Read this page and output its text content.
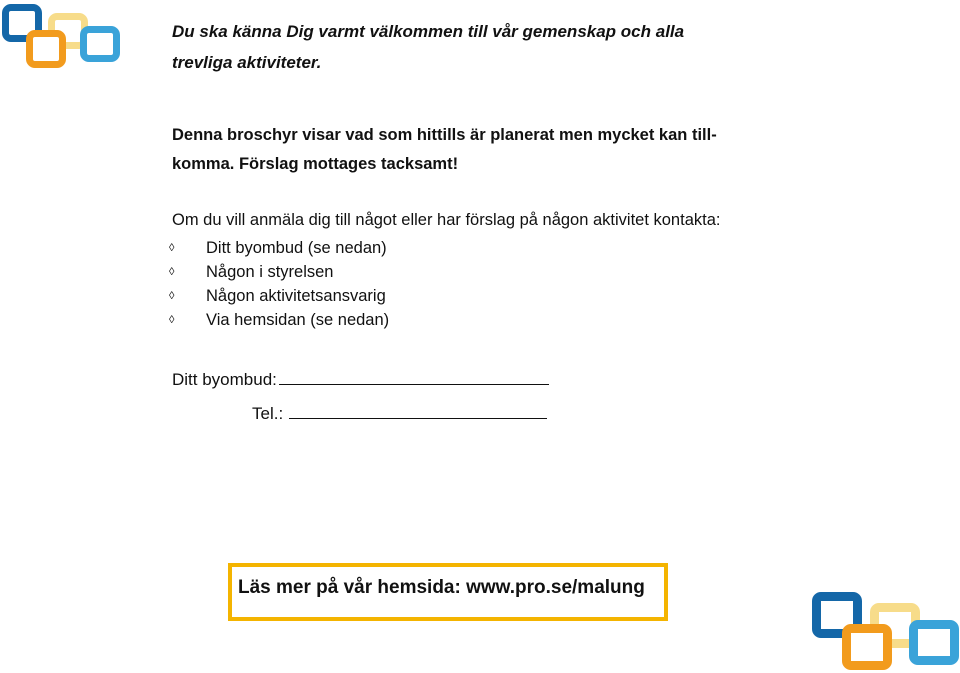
Du ska känna Dig varmt välkommen till vår gemenskap och alla
trevliga aktiviteter.
Denna broschyr visar vad som hittills är planerat men mycket kan till-
komma. Förslag mottages tacksamt!
Om du vill anmäla dig till något eller har förslag på någon aktivitet kontakta:
◊ Ditt byombud (se nedan)
◊ Någon i styrelsen
◊ Någon aktivitetsansvarig
◊ Via hemsidan (se nedan)
Ditt byombud:
Tel.:
Läs mer på vår hemsida: www.pro.se/malung
